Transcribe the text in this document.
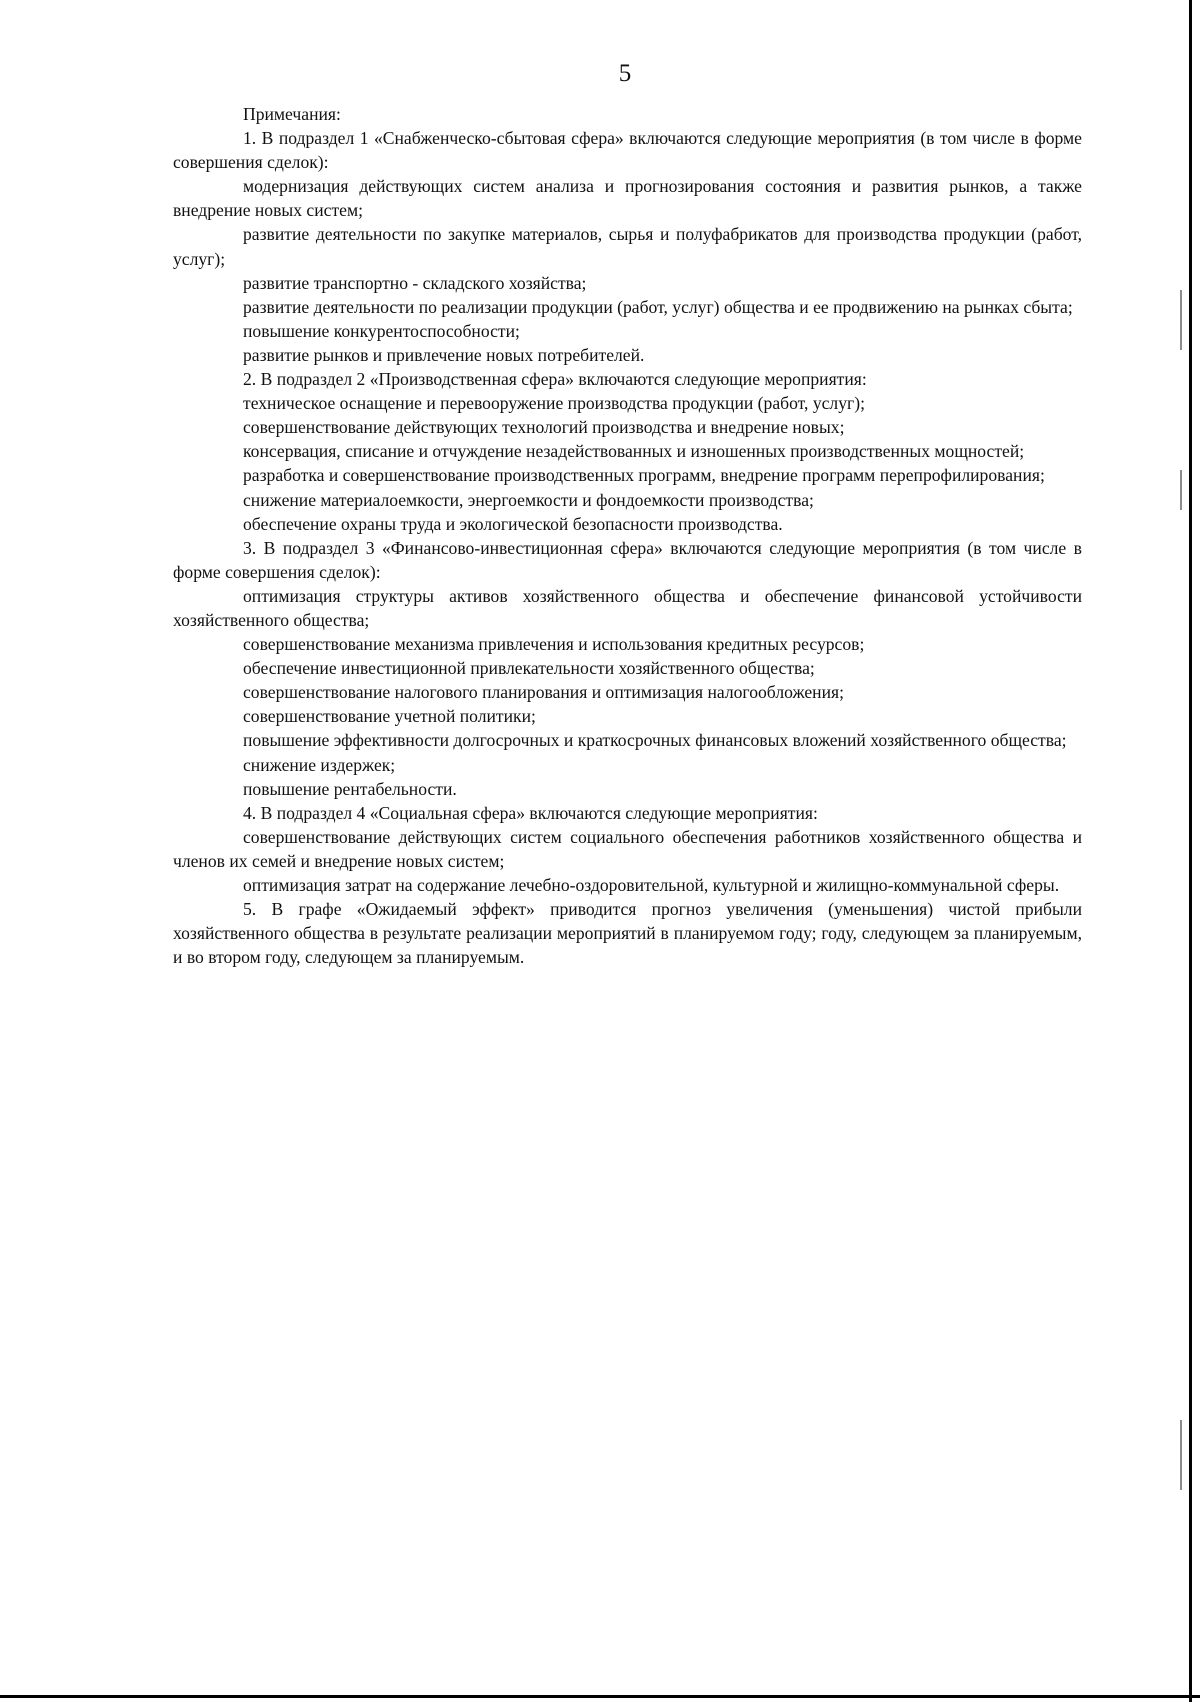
5

Примечания:

1. В подраздел 1 «Снабженческо-сбытовая сфера» включаются следующие мероприятия (в том числе в форме совершения сделок):

модернизация действующих систем анализа и прогнозирования состояния и развития рынков, а также внедрение новых систем;

развитие деятельности по закупке материалов, сырья и полуфабрикатов для производства продукции (работ, услуг);

развитие транспортно - складского хозяйства;

развитие деятельности по реализации продукции (работ, услуг) общества и ее продвижению на рынках сбыта;

повышение конкурентоспособности;

развитие рынков и привлечение новых потребителей.

2. В подраздел 2 «Производственная сфера» включаются следующие мероприятия:

техническое оснащение и перевооружение производства продукции (работ, услуг);

совершенствование действующих технологий производства и внедрение новых;

консервация, списание и отчуждение незадействованных и изношенных производственных мощностей;

разработка и совершенствование производственных программ, внедрение программ перепрофилирования;

снижение материалоемкости, энергоемкости и фондоемкости производства;

обеспечение охраны труда и экологической безопасности производства.

3. В подраздел 3 «Финансово-инвестиционная сфера» включаются следующие мероприятия (в том числе в форме совершения сделок):

оптимизация структуры активов хозяйственного общества и обеспечение финансовой устойчивости хозяйственного общества;

совершенствование механизма привлечения и использования кредитных ресурсов;

обеспечение инвестиционной привлекательности хозяйственного общества;

совершенствование налогового планирования и оптимизация налогообложения;

совершенствование учетной политики;

повышение эффективности долгосрочных и краткосрочных финансовых вложений хозяйственного общества;

снижение издержек;

повышение рентабельности.

4. В подраздел 4 «Социальная сфера» включаются следующие мероприятия:

совершенствование действующих систем социального обеспечения работников хозяйственного общества и членов их семей и внедрение новых систем;

оптимизация затрат на содержание лечебно-оздоровительной, культурной и жилищно-коммунальной сферы.

5. В графе «Ожидаемый эффект» приводится прогноз увеличения (уменьшения) чистой прибыли хозяйственного общества в результате реализации мероприятий в планируемом году; году, следующем за планируемым, и во втором году, следующем за планируемым.
